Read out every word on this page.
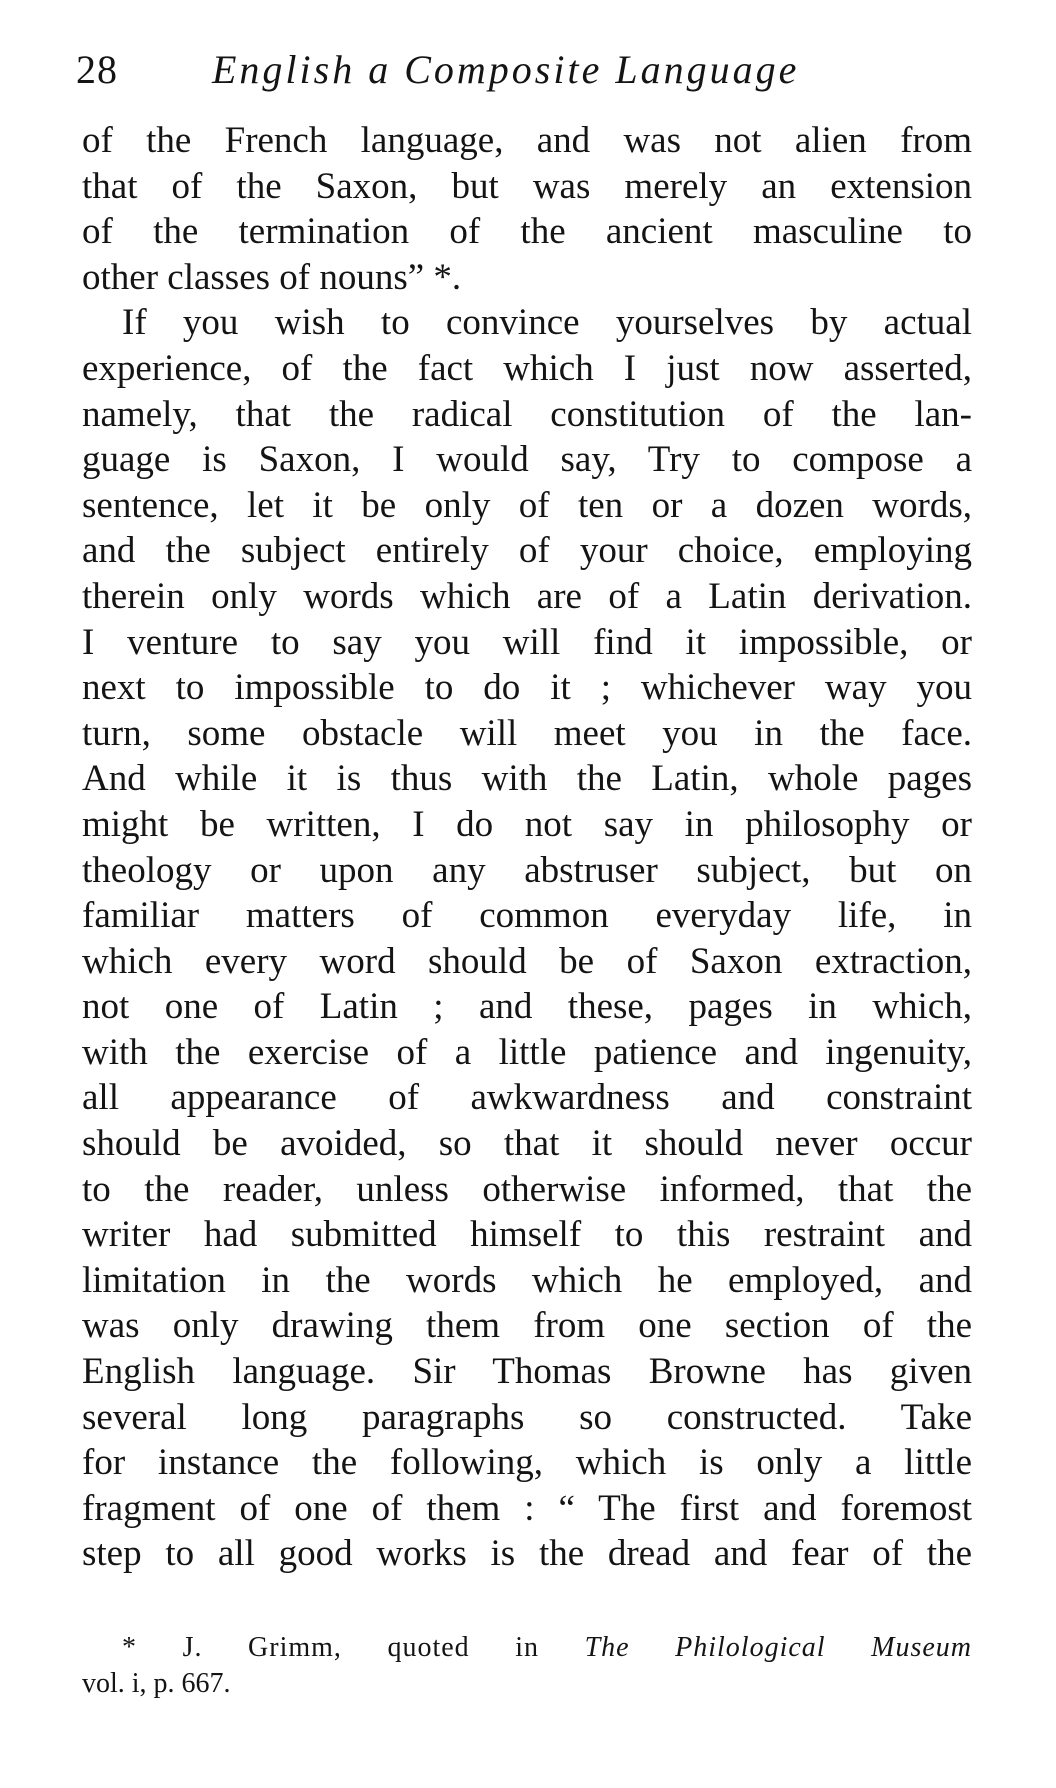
28 English a Composite Language
of the French language, and was not alien from
that of the Saxon, but was merely an extension
of the termination of the ancient masculine to
other classes of nouns” *.
If you wish to convince yourselves by actual
experience, of the fact which I just now asserted,
namely, that the radical constitution of the lan-
guage is Saxon, I would say, Try to compose a
sentence, let it be only of ten or a dozen words,
and the subject entirely of your choice, employing
therein only words which are of a Latin derivation.
I venture to say you will find it impossible, or
next to impossible to do it ; whichever way you
turn, some obstacle will meet you in the face.
And while it is thus with the Latin, whole pages
might be written, I do not say in philosophy or
theology or upon any abstruser subject, but on
familiar matters of common everyday life, in
which every word should be of Saxon extraction,
not one of Latin ; and these, pages in which,
with the exercise of a little patience and ingenuity,
all appearance of awkwardness and constraint
should be avoided, so that it should never occur
to the reader, unless otherwise informed, that the
writer had submitted himself to this restraint and
limitation in the words which he employed, and
was only drawing them from one section of the
English language. Sir Thomas Browne has given
several long paragraphs so constructed. Take
for instance the following, which is only a little
fragment of one of them : “ The first and foremost
step to all good works is the dread and fear of the
* J. Grimm, quoted in The Philological Museum
vol. i, p. 667.
